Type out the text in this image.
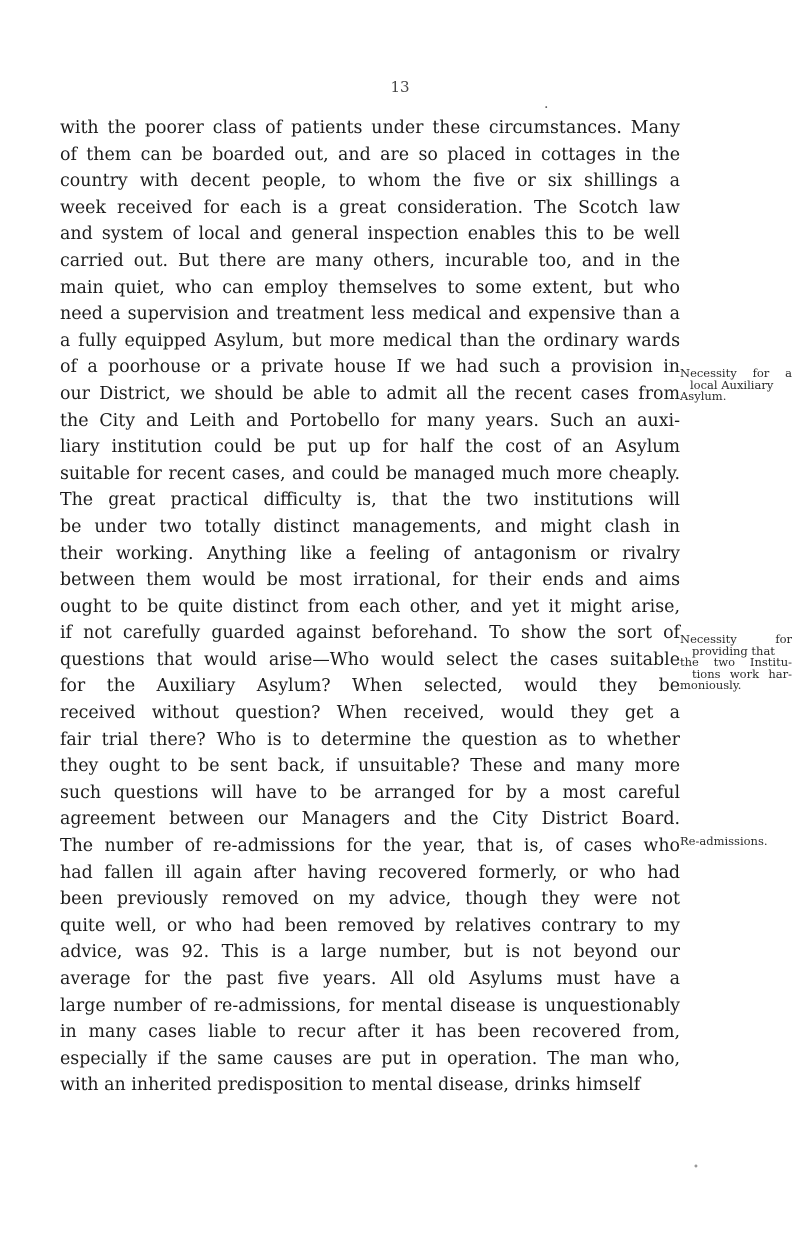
13
.
with the poorer class of patients under these circumstances. Many
of them can be boarded out, and are so placed in cottages in the
country with decent people, to whom the five or six shillings a
week received for each is a great consideration. The Scotch law
and system of local and general inspection enables this to be well
carried out. But there are many others, incurable too, and in the
main quiet, who can employ themselves to some extent, but who
need a supervision and treatment less medical and expensive than a
a fully equipped Asylum, but more medical than the ordinary wards
of a poorhouse or a private house If we had such a provision in
our District, we should be able to admit all the recent cases from
the City and Leith and Portobello for many years. Such an auxi-
liary institution could be put up for half the cost of an Asylum
suitable for recent cases, and could be managed much more cheaply.
The great practical difficulty is, that the two institutions will
be under two totally distinct managements, and might clash in
their working. Anything like a feeling of antagonism or rivalry
between them would be most irrational, for their ends and aims
ought to be quite distinct from each other, and yet it might arise,
if not carefully guarded against beforehand. To show the sort of
questions that would arise—Who would select the cases suitable
for the Auxiliary Asylum? When selected, would they be
received without question? When received, would they get a
fair trial there? Who is to determine the question as to whether
they ought to be sent back, if unsuitable? These and many more
such questions will have to be arranged for by a most careful
agreement between our Managers and the City District Board.
The number of re-admissions for the year, that is, of cases who
had fallen ill again after having recovered formerly, or who had
been previously removed on my advice, though they were not
quite well, or who had been removed by relatives contrary to my
advice, was 92. This is a large number, but is not beyond our
average for the past five years. All old Asylums must have a
large number of re-admissions, for mental disease is unquestionably
in many cases liable to recur after it has been recovered from,
especially if the same causes are put in operation. The man who,
with an inherited predisposition to mental disease, drinks himself
Necessity for a
local Auxiliary
Asylum.
Necessity for
providing that
the two Institu-
tions work har-
moniously.
Re-admissions.
•
